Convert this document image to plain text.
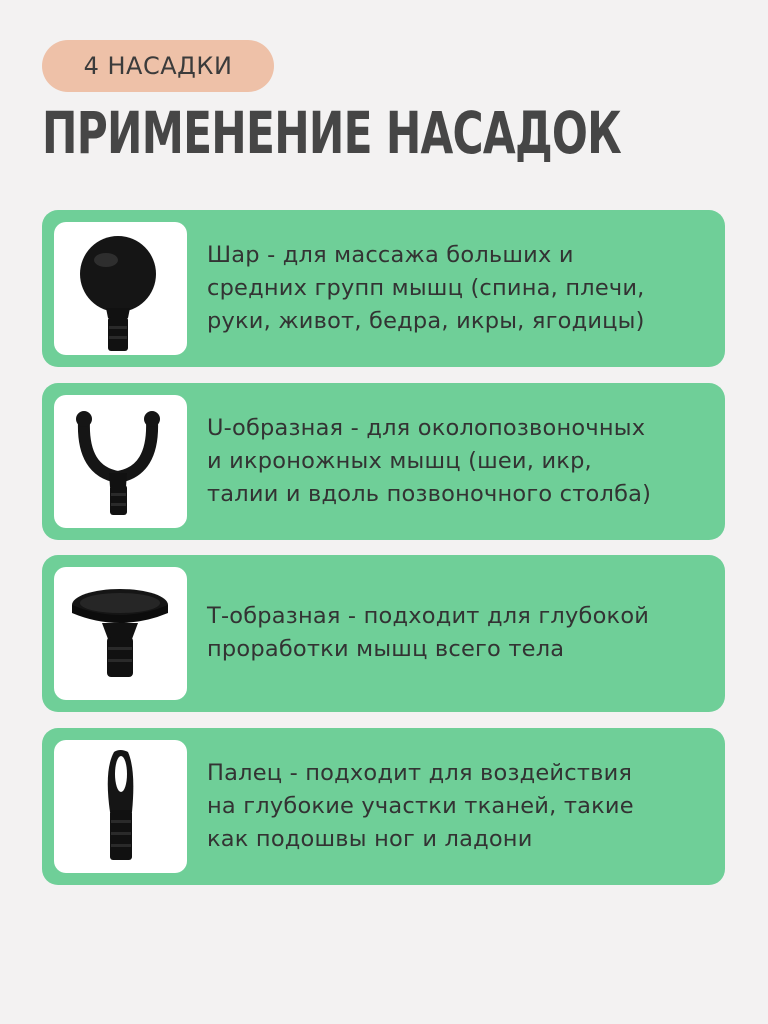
4 НАСАДКИ
ПРИМЕНЕНИЕ НАСАДОК

Шар - для массажа больших и
средних групп мышц (спина, плечи,
руки, живот, бедра, икры, ягодицы)

U-образная - для околопозвоночных
и икроножных мышц (шеи, икр,
талии и вдоль позвоночного столба)

Т-образная - подходит для глубокой
проработки мышц всего тела

Палец - подходит для воздействия
на глубокие участки тканей, такие
как подошвы ног и ладони
